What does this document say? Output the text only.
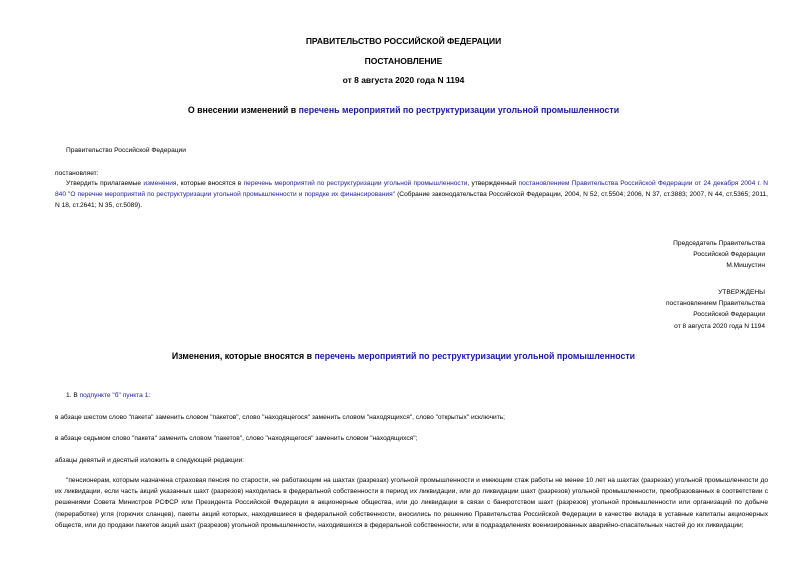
ПРАВИТЕЛЬСТВО РОССИЙСКОЙ ФЕДЕРАЦИИ
ПОСТАНОВЛЕНИЕ
от 8 августа 2020 года N 1194
О внесении изменений в перечень мероприятий по реструктуризации угольной промышленности
Правительство Российской Федерации
постановляет:
Утвердить прилагаемые изменения, которые вносятся в перечень мероприятий по реструктуризации угольной промышленности, утвержденный постановлением Правительства Российской Федерации от 24 декабря 2004 г. N 840 "О перечне мероприятий по реструктуризации угольной промышленности и порядке их финансирования" (Собрание законодательства Российской Федерации, 2004, N 52, ст.5504; 2006, N 37, ст.3883; 2007, N 44, ст.5365; 2011, N 18, ст.2641; N 35, ст.5089).
Председатель Правительства
Российской Федерации
М.Мишустин
УТВЕРЖДЕНЫ
постановлением Правительства
Российской Федерации
от 8 августа 2020 года N 1194
Изменения, которые вносятся в перечень мероприятий по реструктуризации угольной промышленности
1. В подпункте "б" пункта 1:
в абзаце шестом слово "пакета" заменить словом "пакетов", слово "находящегося" заменить словом "находящихся", слово "открытых" исключить;
в абзаце седьмом слово "пакета" заменить словом "пакетов", слово "находящегося" заменить словом "находящихся";
абзацы девятый и десятый изложить в следующей редакции:
"пенсионерам, которым назначена страховая пенсия по старости, не работающим на шахтах (разрезах) угольной промышленности и имеющим стаж работы не менее 10 лет на шахтах (разрезах) угольной промышленности до их ликвидации, если часть акций указанных шахт (разрезов) находилась в федеральной собственности в период их ликвидации, или до ликвидации шахт (разрезов) угольной промышленности, преобразованных в соответствии с решениями Совета Министров РСФСР или Президента Российской Федерации в акционерные общества, или до ликвидации в связи с банкротством шахт (разрезов) угольной промышленности или организаций по добыче (переработке) угля (горючих сланцев), пакеты акций которых, находившиеся в федеральной собственности, вносились по решению Правительства Российской Федерации в качестве вклада в уставные капиталы акционерных обществ, или до продажи пакетов акций шахт (разрезов) угольной промышленности, находившихся в федеральной собственности, или в подразделениях военизированных аварийно-спасательных частей до их ликвидации;
